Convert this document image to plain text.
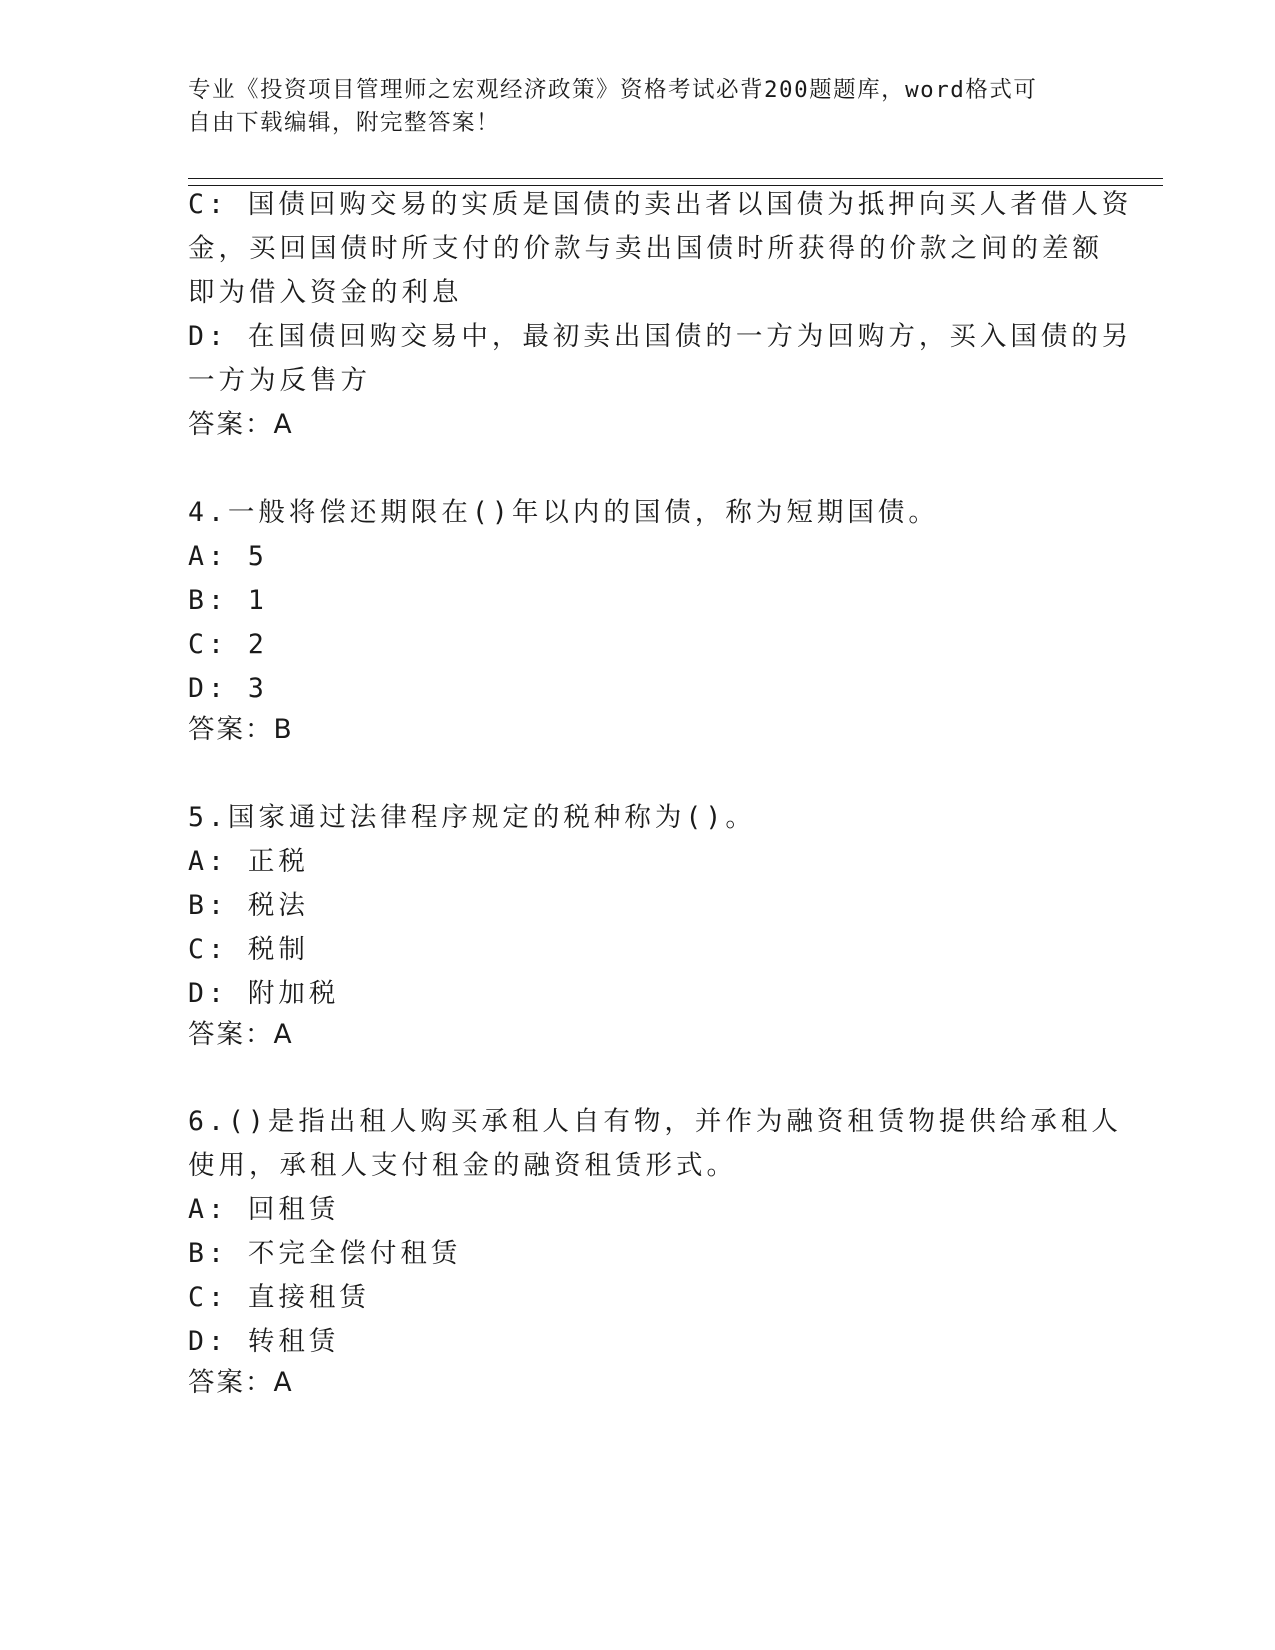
专业《投资项目管理师之宏观经济政策》资格考试必背200题题库，word格式可
自由下载编辑，附完整答案！
C: 国债回购交易的实质是国债的卖出者以国债为抵押向买人者借人资
金，买回国债时所支付的价款与卖出国债时所获得的价款之间的差额
即为借入资金的利息
D: 在国债回购交易中，最初卖出国债的一方为回购方，买入国债的另
一方为反售方
答案：A
4.一般将偿还期限在()年以内的国债，称为短期国债。
A: 5
B: 1
C: 2
D: 3
答案：B
5.国家通过法律程序规定的税种称为()。
A: 正税
B: 税法
C: 税制
D: 附加税
答案：A
6.()是指出租人购买承租人自有物，并作为融资租赁物提供给承租人
使用，承租人支付租金的融资租赁形式。
A: 回租赁
B: 不完全偿付租赁
C: 直接租赁
D: 转租赁
答案：A
